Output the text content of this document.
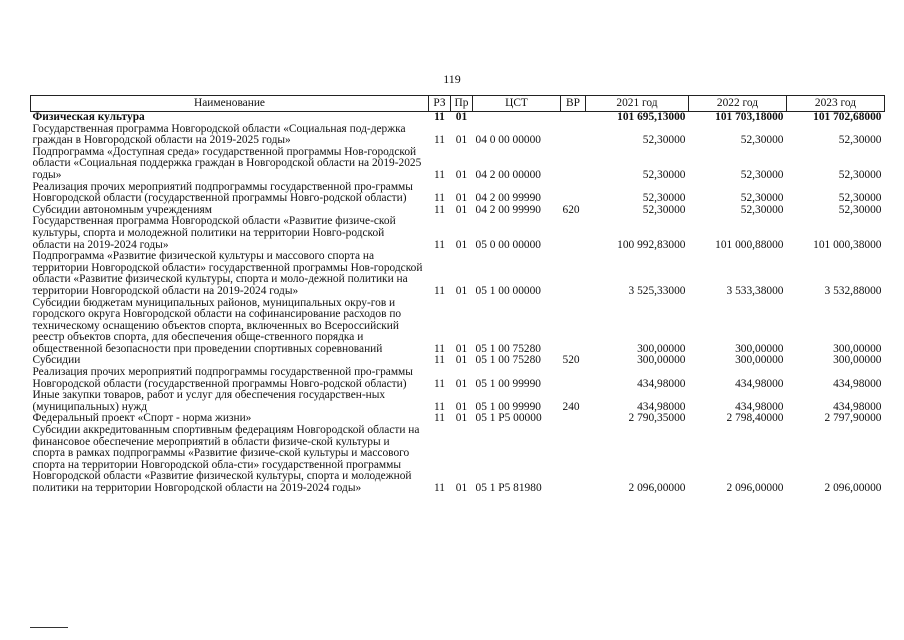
119
Наименование	РЗ	Пр	ЦСТ	ВР	2021 год	2022 год	2023 год
Физическая культура	11	01			101 695,13000	101 703,18000	101 702,68000
Государственная программа Новгородской области «Социальная под-держка граждан в Новгородской области на 2019-2025 годы»	11	01	04 0 00 00000		52,30000	52,30000	52,30000
Подпрограмма «Доступная среда» государственной программы Нов-городской области «Социальная поддержка граждан в Новгородской области на 2019-2025 годы»	11	01	04 2 00 00000		52,30000	52,30000	52,30000
Реализация прочих мероприятий подпрограммы государственной про-граммы Новгородской области (государственной программы Новго-родской области)	11	01	04 2 00 99990		52,30000	52,30000	52,30000
Субсидии автономным учреждениям	11	01	04 2 00 99990	620	52,30000	52,30000	52,30000
Государственная программа Новгородской области «Развитие физиче-ской культуры, спорта и молодежной политики на территории Новго-родской области на 2019-2024 годы»	11	01	05 0 00 00000		100 992,83000	101 000,88000	101 000,38000
Подпрограмма «Развитие физической культуры и массового спорта на территории Новгородской области» государственной программы Нов-городской области «Развитие физической культуры, спорта и моло-дежной политики на территории Новгородской области на 2019-2024 годы»	11	01	05 1 00 00000		3 525,33000	3 533,38000	3 532,88000
Субсидии бюджетам муниципальных районов, муниципальных окру-гов и городского округа Новгородской области на софинансирование расходов по техническому оснащению объектов спорта, включенных во Всероссийский реестр объектов спорта, для обеспечения обще-ственного порядка и общественной безопасности при проведении спортивных соревнований	11	01	05 1 00 75280		300,00000	300,00000	300,00000
Субсидии	11	01	05 1 00 75280	520	300,00000	300,00000	300,00000
Реализация прочих мероприятий подпрограммы государственной про-граммы Новгородской области (государственной программы Новго-родской области)	11	01	05 1 00 99990		434,98000	434,98000	434,98000
Иные закупки товаров, работ и услуг для обеспечения государствен-ных (муниципальных) нужд	11	01	05 1 00 99990	240	434,98000	434,98000	434,98000
Федеральный проект «Спорт - норма жизни»	11	01	05 1 P5 00000		2 790,35000	2 798,40000	2 797,90000
Субсидии аккредитованным спортивным федерациям Новгородской области на финансовое обеспечение мероприятий в области физиче-ской культуры и спорта в рамках подпрограммы «Развитие физиче-ской культуры и массового спорта на территории Новгородской обла-сти» государственной программы Новгородской области «Развитие физической культуры, спорта и молодежной политики на территории Новгородской области на 2019-2024 годы»	11	01	05 1 P5 81980		2 096,00000	2 096,00000	2 096,00000
